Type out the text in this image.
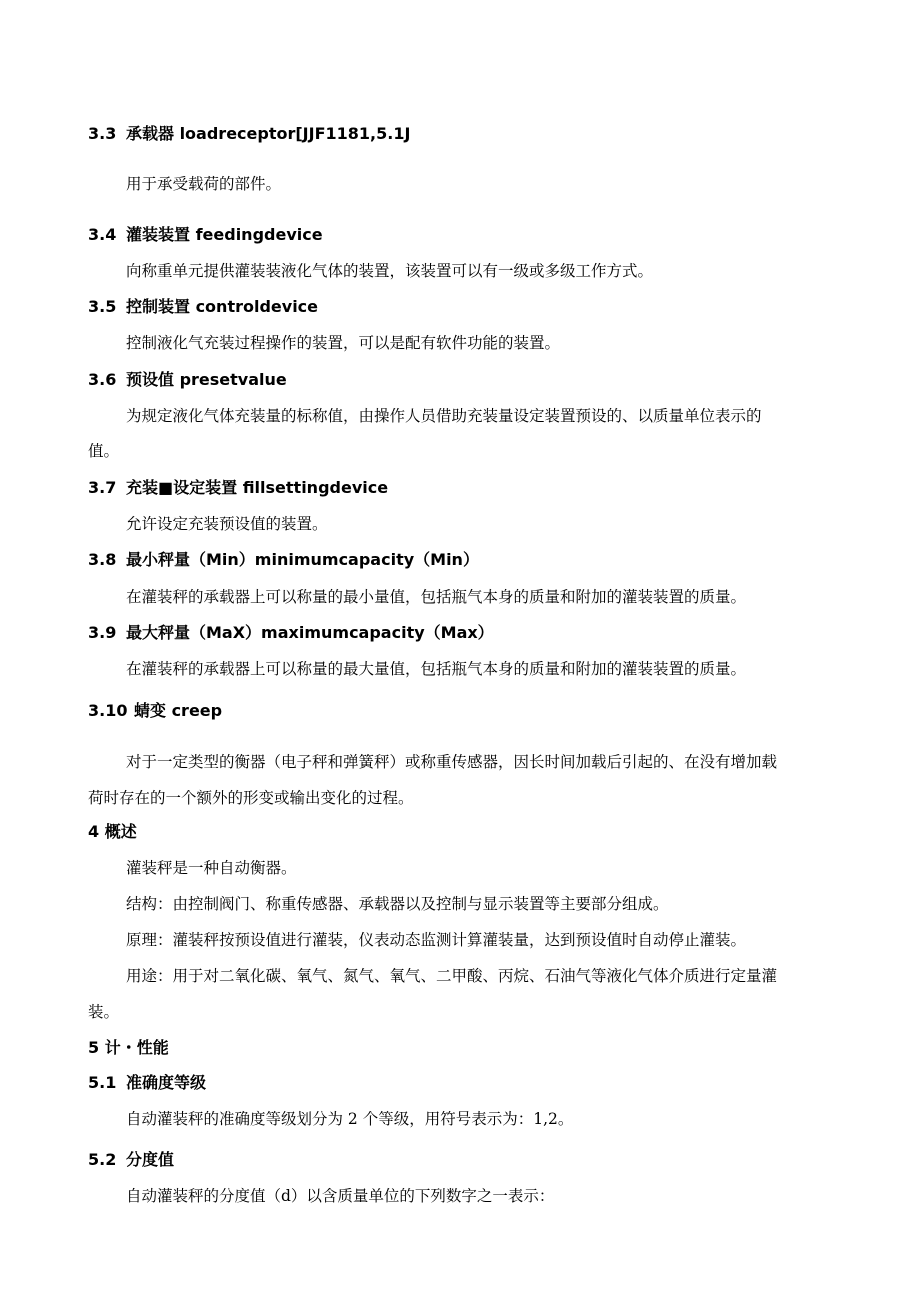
3.3 承载器 loadreceptor[JJF1181,5.1J
用于承受载荷的部件。
3.4 灌装装置 feedingdevice
向称重单元提供灌装装液化气体的装置，该装置可以有一级或多级工作方式。
3.5 控制装置 controldevice
控制液化气充装过程操作的装置，可以是配有软件功能的装置。
3.6 预设值 presetvalue
为规定液化气体充装量的标称值，由操作人员借助充装量设定装置预设的、以质量单位表示的
值。
3.7 充装■设定装置 fillsettingdevice
允许设定充装预设值的装置。
3.8 最小秤量（Min）minimumcapacity（Min）
在灌装秤的承载器上可以称量的最小量值，包括瓶气本身的质量和附加的灌装装置的质量。
3.9 最大秤量（MaX）maximumcapacity（Max）
在灌装秤的承载器上可以称量的最大量值，包括瓶气本身的质量和附加的灌装装置的质量。
3.10 蜻变 creep
对于一定类型的衡器（电子秤和弹簧秤）或称重传感器，因长时间加载后引起的、在没有增加载
荷时存在的一个额外的形变或输出变化的过程。
4 概述
灌装秤是一种自动衡器。
结构：由控制阀门、称重传感器、承载器以及控制与显示装置等主要部分组成。
原理：灌装秤按预设值进行灌装，仪表动态监测计算灌装量，达到预设值时自动停止灌装。
用途：用于对二氧化碳、氧气、氮气、氧气、二甲酸、丙烷、石油气等液化气体介质进行定量灌
装。
5 计・性能
5.1 准确度等级
自动灌装秤的准确度等级划分为 2 个等级，用符号表示为：1,2。
5.2 分度值
自动灌装秤的分度值（d）以含质量单位的下列数字之一表示：
